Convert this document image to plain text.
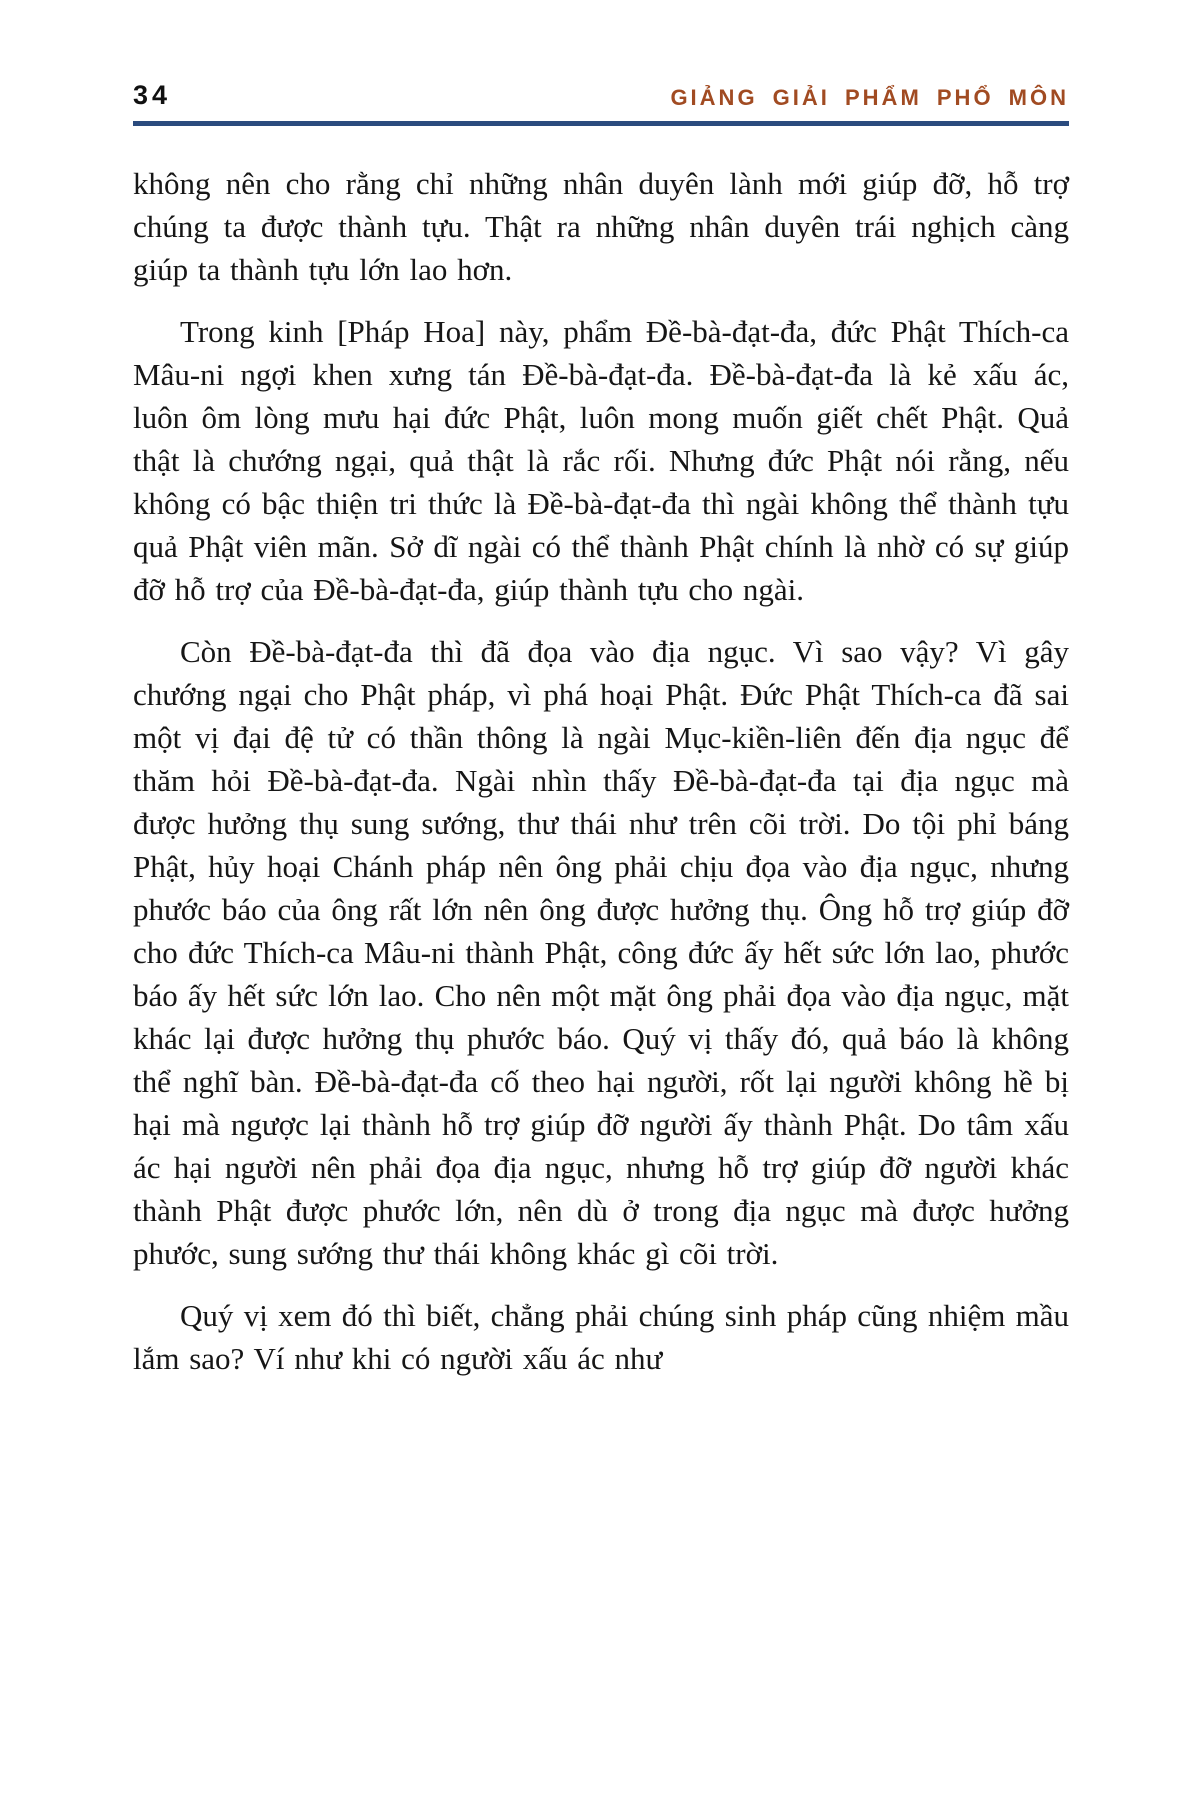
34	GIẢNG GIẢI PHẨM PHỔ MÔN

không nên cho rằng chỉ những nhân duyên lành mới giúp đỡ, hỗ trợ chúng ta được thành tựu. Thật ra những nhân duyên trái nghịch càng giúp ta thành tựu lớn lao hơn.

Trong kinh [Pháp Hoa] này, phẩm Đề-bà-đạt-đa, đức Phật Thích-ca Mâu-ni ngợi khen xưng tán Đề-bà-đạt-đa. Đề-bà-đạt-đa là kẻ xấu ác, luôn ôm lòng mưu hại đức Phật, luôn mong muốn giết chết Phật. Quả thật là chướng ngại, quả thật là rắc rối. Nhưng đức Phật nói rằng, nếu không có bậc thiện tri thức là Đề-bà-đạt-đa thì ngài không thể thành tựu quả Phật viên mãn. Sở dĩ ngài có thể thành Phật chính là nhờ có sự giúp đỡ hỗ trợ của Đề-bà-đạt-đa, giúp thành tựu cho ngài.

Còn Đề-bà-đạt-đa thì đã đọa vào địa ngục. Vì sao vậy? Vì gây chướng ngại cho Phật pháp, vì phá hoại Phật. Đức Phật Thích-ca đã sai một vị đại đệ tử có thần thông là ngài Mục-kiền-liên đến địa ngục để thăm hỏi Đề-bà-đạt-đa. Ngài nhìn thấy Đề-bà-đạt-đa tại địa ngục mà được hưởng thụ sung sướng, thư thái như trên cõi trời. Do tội phỉ báng Phật, hủy hoại Chánh pháp nên ông phải chịu đọa vào địa ngục, nhưng phước báo của ông rất lớn nên ông được hưởng thụ. Ông hỗ trợ giúp đỡ cho đức Thích-ca Mâu-ni thành Phật, công đức ấy hết sức lớn lao, phước báo ấy hết sức lớn lao. Cho nên một mặt ông phải đọa vào địa ngục, mặt khác lại được hưởng thụ phước báo. Quý vị thấy đó, quả báo là không thể nghĩ bàn. Đề-bà-đạt-đa cố theo hại người, rốt lại người không hề bị hại mà ngược lại thành hỗ trợ giúp đỡ người ấy thành Phật. Do tâm xấu ác hại người nên phải đọa địa ngục, nhưng hỗ trợ giúp đỡ người khác thành Phật được phước lớn, nên dù ở trong địa ngục mà được hưởng phước, sung sướng thư thái không khác gì cõi trời.

Quý vị xem đó thì biết, chẳng phải chúng sinh pháp cũng nhiệm mầu lắm sao? Ví như khi có người xấu ác như
